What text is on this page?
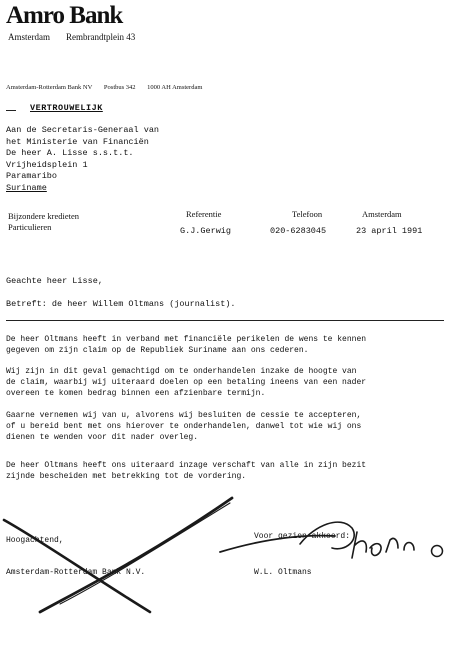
Amro Bank
Amsterdam Rembrandtplein 43
Amsterdam-Rotterdam Bank NV Postbus 342 1000 AH Amsterdam
VERTROUWELIJK
Aan de Secretaris-Generaal van
het Ministerie van Financiën
De heer A. Lisse s.s.t.t.
Vrijheidsplein 1
Paramaribo
Suriname
Bijzondere kredieten
Particulieren
Referentie
G.J.Gerwig
Telefoon
020-6283045
Amsterdam
23 april 1991
Geachte heer Lisse,
Betreft: de heer Willem Oltmans (journalist).
De heer Oltmans heeft in verband met financiële perikelen de wens te kennen
gegeven om zijn claim op de Republiek Suriname aan ons cederen.
Wij zijn in dit geval gemachtigd om te onderhandelen inzake de hoogte van
de claim, waarbij wij uiteraard doelen op een betaling ineens van een nader
overeen te komen bedrag binnen een afzienbare termijn.
Gaarne vernemen wij van u, alvorens wij besluiten de cessie te accepteren,
of u bereid bent met ons hierover te onderhandelen, danwel tot wie wij ons
dienen te wenden voor dit nader overleg.
De heer Oltmans heeft ons uiteraard inzage verschaft van alle in zijn bezit
zijnde bescheiden met betrekking tot de vordering.
Hoogachtend,
Amsterdam-Rotterdam Bank N.V.
Voor gezien akkoord:
W.L. Oltmans
